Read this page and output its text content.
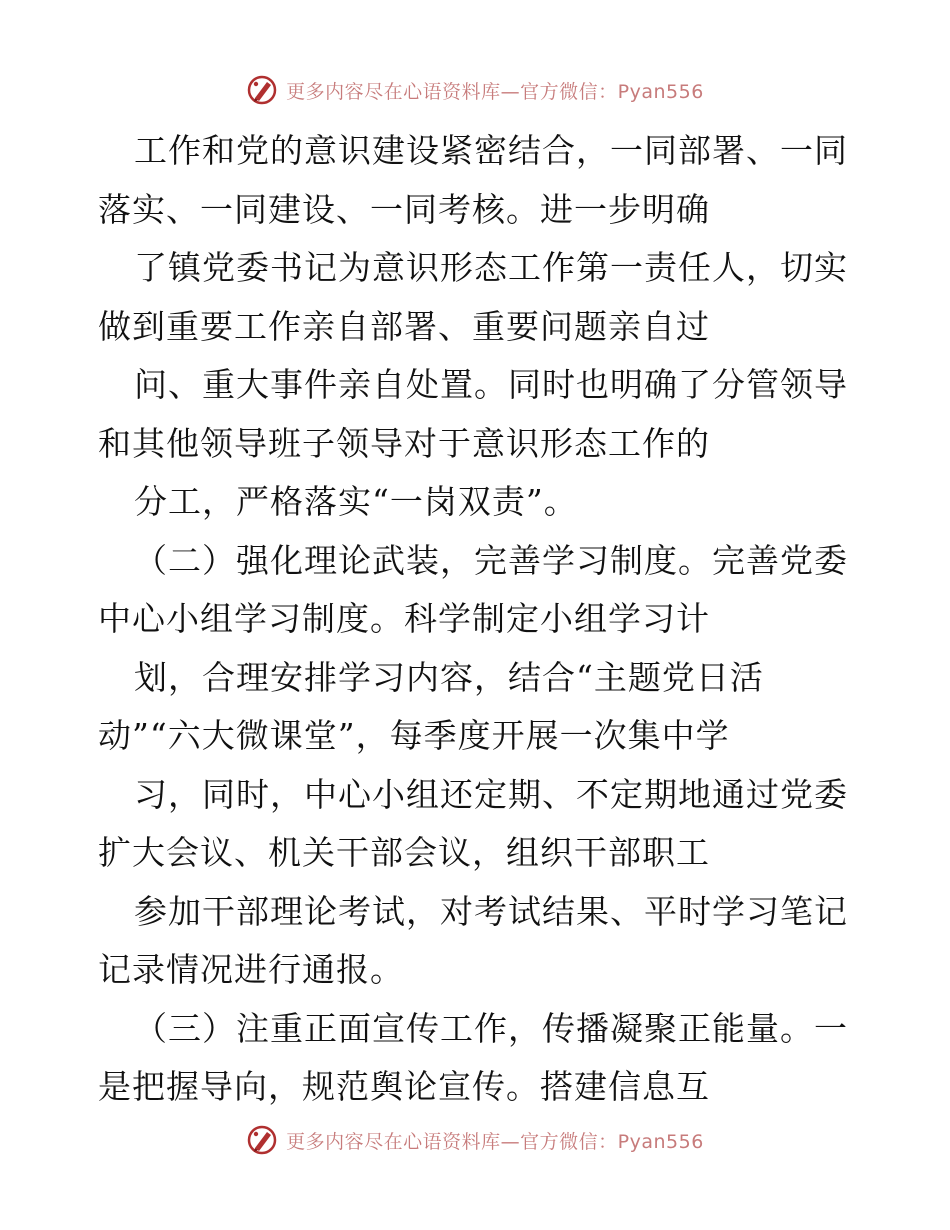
更多内容尽在心语资料库—官方微信：Pyan556
工作和党的意识建设紧密结合，一同部署、一同
落实、一同建设、一同考核。进一步明确
了镇党委书记为意识形态工作第一责任人，切实
做到重要工作亲自部署、重要问题亲自过
问、重大事件亲自处置。同时也明确了分管领导
和其他领导班子领导对于意识形态工作的
分工，严格落实“一岗双责”。
（二）强化理论武装，完善学习制度。完善党委
中心小组学习制度。科学制定小组学习计
划，合理安排学习内容，结合“主题党日活
动”“六大微课堂”，每季度开展一次集中学
习，同时，中心小组还定期、不定期地通过党委
扩大会议、机关干部会议，组织干部职工
参加干部理论考试，对考试结果、平时学习笔记
记录情况进行通报。
（三）注重正面宣传工作，传播凝聚正能量。一
是把握导向，规范舆论宣传。搭建信息互
更多内容尽在心语资料库—官方微信：Pyan556
